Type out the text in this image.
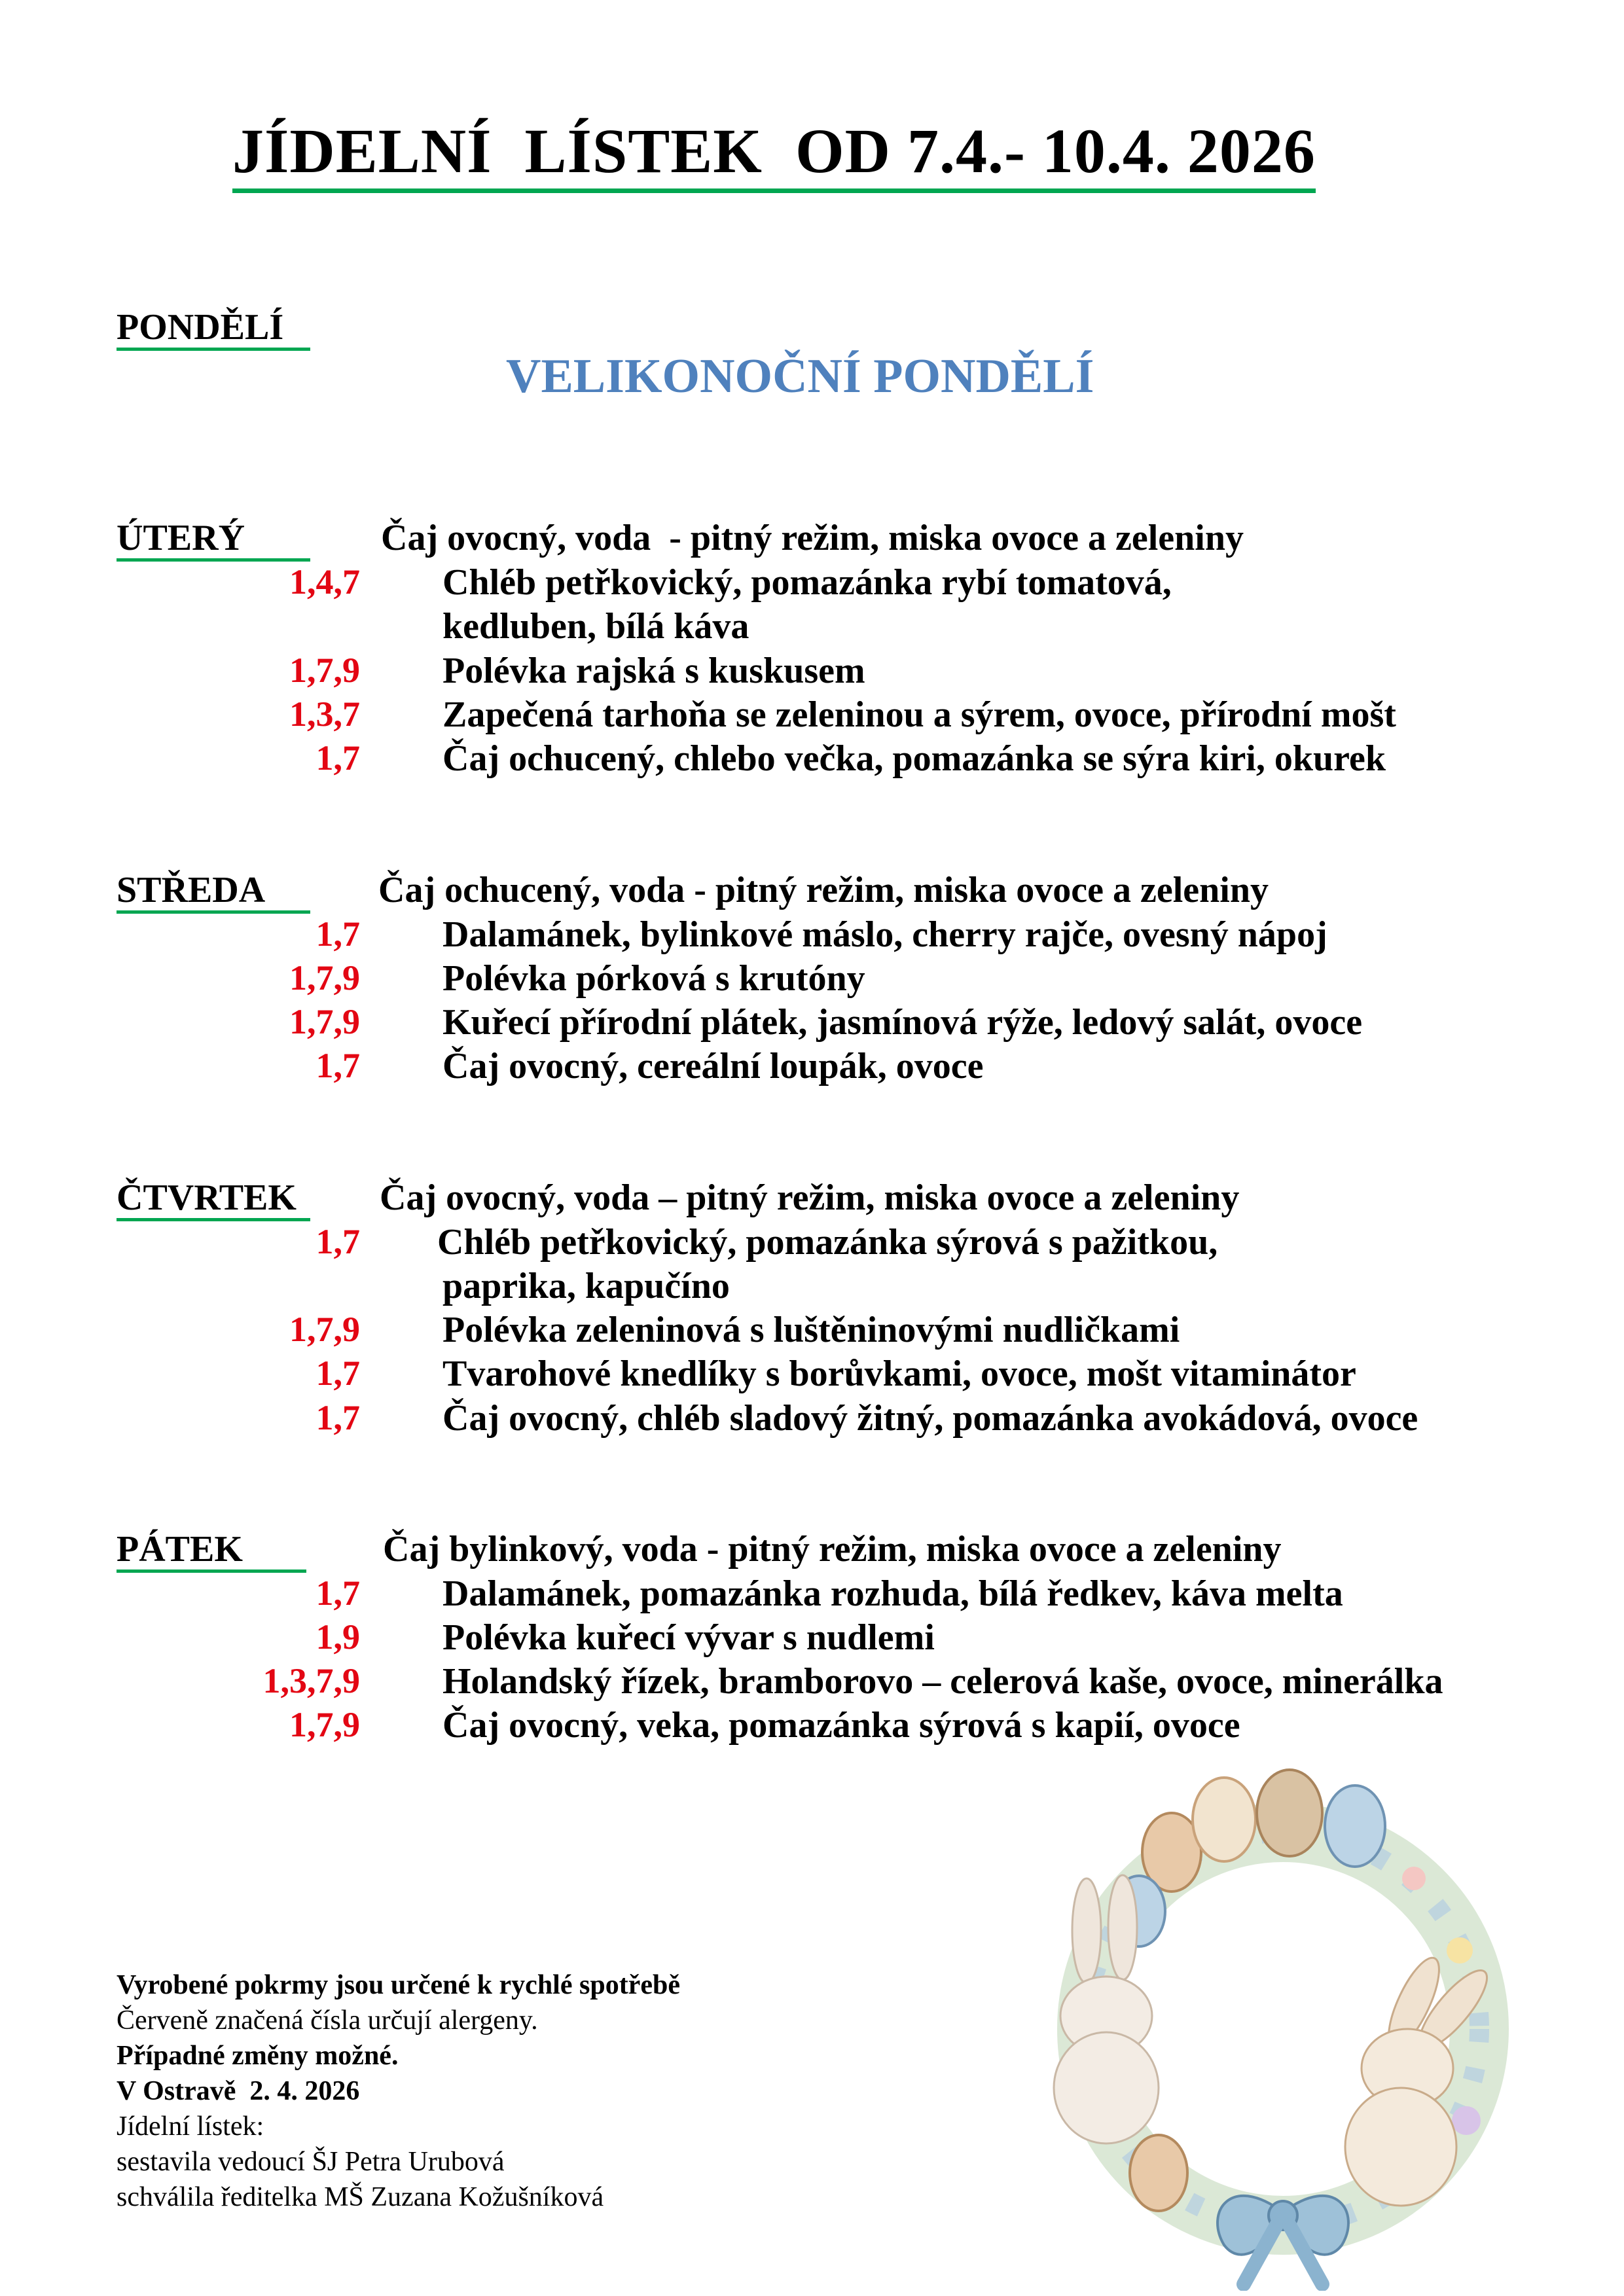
JÍDELNÍ  LÍSTEK  OD 7.4.- 10.4. 2026
PONDĚLÍ
VELIKONOČNÍ PONDĚLÍ
ÚTERÝ	Čaj ovocný, voda  - pitný režim, miska ovoce a zeleniny
1,4,7 Chléb petřkovický, pomazánka rybí tomatová,
kedluben, bílá káva
1,7,9 Polévka rajská s kuskusem
1,3,7 Zapečená tarhoňa se zeleninou a sýrem, ovoce, přírodní mošt
1,7 Čaj ochucený, chlebo večka, pomazánka se sýra kiri, okurek
STŘEDA	Čaj ochucený, voda - pitný režim, miska ovoce a zeleniny
1,7 Dalamánek, bylinkové máslo, cherry rajče, ovesný nápoj
1,7,9 Polévka pórková s krutóny
1,7,9 Kuřecí přírodní plátek, jasmínová rýže, ledový salát, ovoce
1,7 Čaj ovocný, cereální loupák, ovoce
ČTVRTEK Čaj ovocný, voda – pitný režim, miska ovoce a zeleniny
1,7 Chléb petřkovický, pomazánka sýrová s pažitkou,
paprika, kapučíno
1,7,9 Polévka zeleninová s luštěninovými nudličkami
1,7 Tvarohové knedlíky s borůvkami, ovoce, mošt vitaminátor
1,7 Čaj ovocný, chléb sladový žitný, pomazánka avokádová, ovoce
PÁTEK	Čaj bylinkový, voda - pitný režim, miska ovoce a zeleniny
1,7 Dalamánek, pomazánka rozhuda, bílá ředkev, káva melta
1,9 Polévka kuřecí vývar s nudlemi
1,3,7,9 Holandský řízek, bramborovo – celerová kaše, ovoce, minerálka
1,7,9 Čaj ovocný, veka, pomazánka sýrová s kapií, ovoce
Vyrobené pokrmy jsou určené k rychlé spotřebě
Červeně značená čísla určují alergeny.
Případné změny možné.
V Ostravě  2. 4. 2026
Jídelní lístek:
sestavila vedoucí ŠJ Petra Urubová
schválila ředitelka MŠ Zuzana Kožušníková
